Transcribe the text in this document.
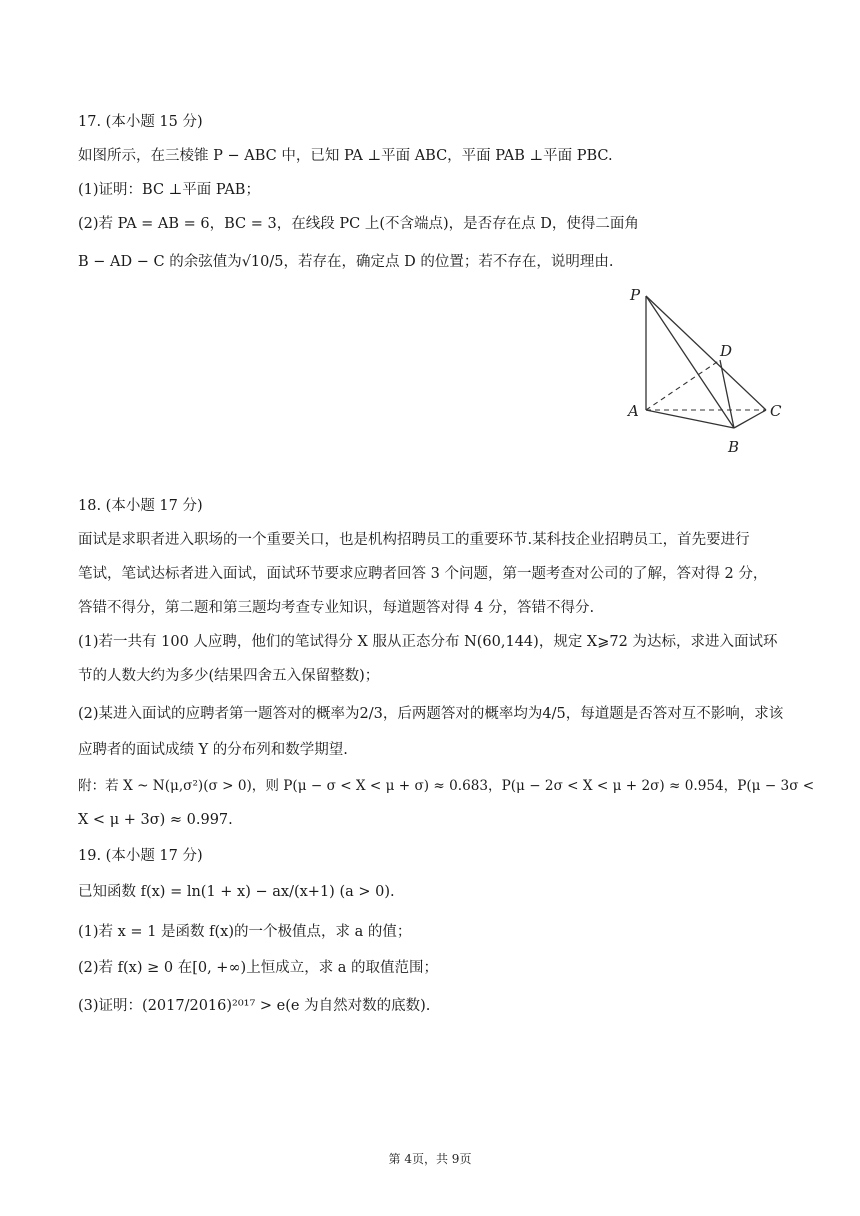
17. (本小题 15 分)
如图所示，在三棱锥 P − ABC 中，已知 PA ⊥平面 ABC，平面 PAB ⊥平面 PBC.
(1)证明：BC ⊥平面 PAB；
(2)若 PA = AB = 6，BC = 3，在线段 PC 上(不含端点)，是否存在点 D，使得二面角
B − AD − C 的余弦值为√10/5，若存在，确定点 D 的位置；若不存在，说明理由.
P
D
A	C
B
18. (本小题 17 分)
面试是求职者进入职场的一个重要关口，也是机构招聘员工的重要环节.某科技企业招聘员工，首先要进行
笔试，笔试达标者进入面试，面试环节要求应聘者回答 3 个问题，第一题考查对公司的了解，答对得 2 分，
答错不得分，第二题和第三题均考查专业知识，每道题答对得 4 分，答错不得分.
(1)若一共有 100 人应聘，他们的笔试得分 X 服从正态分布 N(60,144)，规定 X⩾72 为达标，求进入面试环
节的人数大约为多少(结果四舍五入保留整数)；
(2)某进入面试的应聘者第一题答对的概率为2/3，后两题答对的概率均为4/5，每道题是否答对互不影响，求该
应聘者的面试成绩 Y 的分布列和数学期望.
附：若 X ~ N(μ,σ²)(σ > 0)，则 P(μ − σ < X < μ + σ) ≈ 0.683，P(μ − 2σ < X < μ + 2σ) ≈ 0.954，P(μ − 3σ <
X < μ + 3σ) ≈ 0.997.
19. (本小题 17 分)
已知函数 f(x) = ln(1 + x) − ax/(x+1) (a > 0).
(1)若 x = 1 是函数 f(x)的一个极值点，求 a 的值；
(2)若 f(x) ≥ 0 在[0, +∞)上恒成立，求 a 的取值范围；
(3)证明：(2017/2016)²⁰¹⁷ > e(e 为自然对数的底数).
第 4页，共 9页
